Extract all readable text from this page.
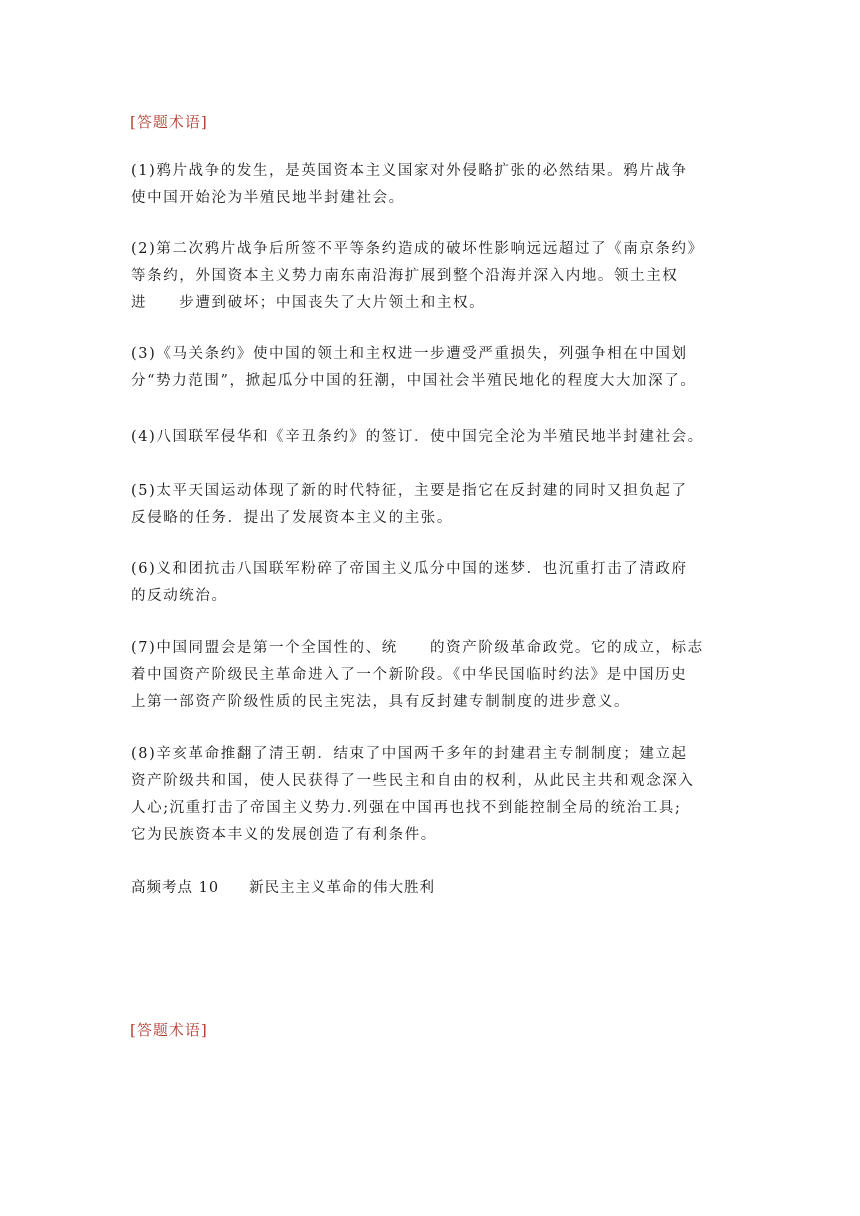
[答题术语]
(1)鸦片战争的发生，是英国资本主义国家对外侵略扩张的必然结果。鸦片战争
使中国开始沦为半殖民地半封建社会。
(2)第二次鸦片战争后所签不平等条约造成的破坏性影响远远超过了《南京条约》
等条约，外国资本主义势力南东南沿海扩展到整个沿海并深入内地。领土主权
进　　步遭到破坏；中国丧失了大片领土和主权。
(3)《马关条约》使中国的领土和主权进一步遭受严重损失，列强争相在中国划
分“势力范围”，掀起瓜分中国的狂潮，中国社会半殖民地化的程度大大加深了。
(4)八国联军侵华和《辛丑条约》的签订．使中国完全沦为半殖民地半封建社会。
(5)太平天国运动体现了新的时代特征，主要是指它在反封建的同时又担负起了
反侵略的任务．提出了发展资本主义的主张。
(6)义和团抗击八国联军粉碎了帝国主义瓜分中国的迷梦．也沉重打击了清政府
的反动统治。
(7)中国同盟会是第一个全国性的、统　　的资产阶级革命政党。它的成立，标志
着中国资产阶级民主革命进入了一个新阶段。《中华民国临时约法》是中国历史
上第一部资产阶级性质的民主宪法，具有反封建专制制度的进步意义。
(8)辛亥革命推翻了清王朝．结束了中国两千多年的封建君主专制制度；建立起
资产阶级共和国，使人民获得了一些民主和自由的权利，从此民主共和观念深入
人心;沉重打击了帝国主义势力.列强在中国再也找不到能控制全局的统治工具;
它为民族资本丰义的发展创造了有利条件。
高频考点 10 新民主主义革命的伟大胜利
[答题术语]
